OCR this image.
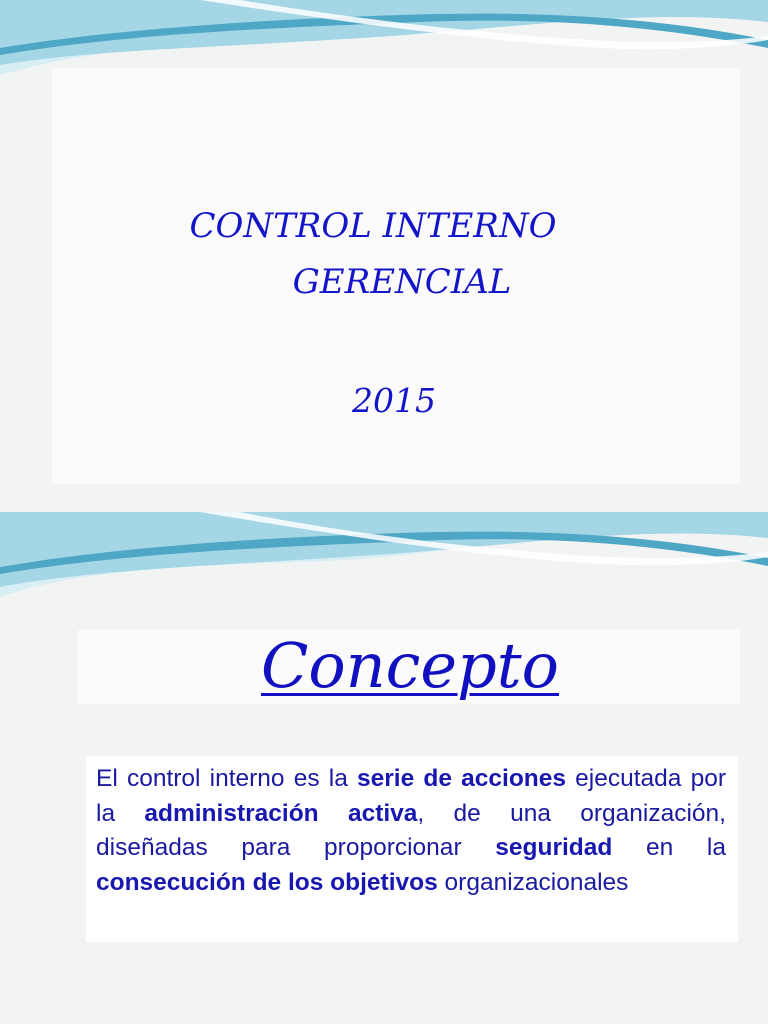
CONTROL INTERNO
GERENCIAL
2015
Concepto
El control interno es la serie de acciones ejecutada por la administración activa, de una organización, diseñadas para proporcionar seguridad en la consecución de los objetivos organizacionales
